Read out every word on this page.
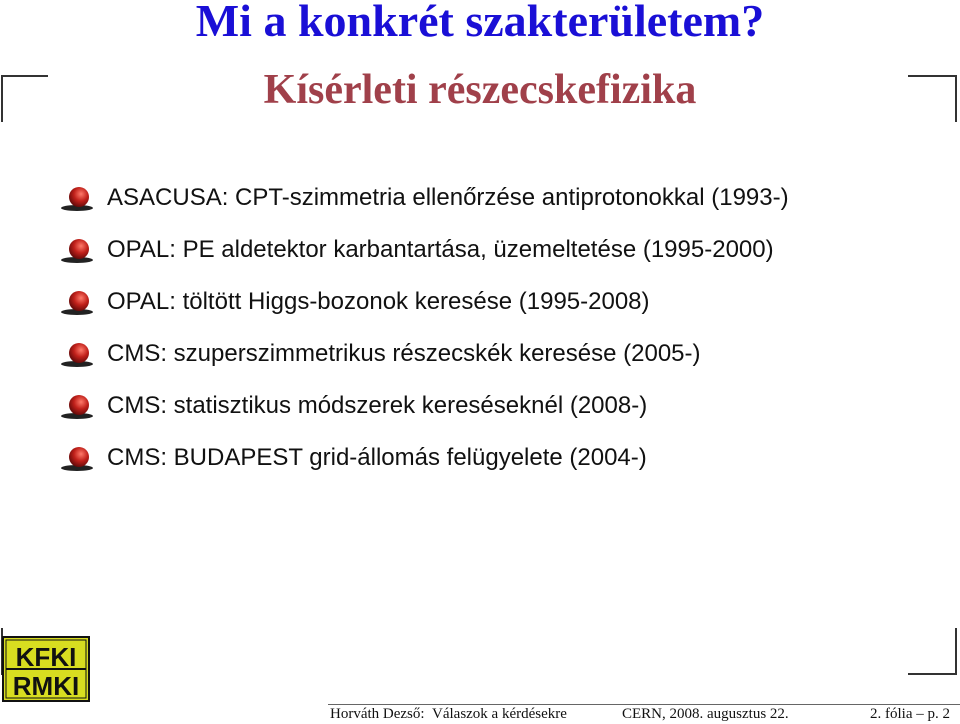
Mi a konkrét szakterületem?
Kísérleti részecskefizika
ASACUSA: CPT-szimmetria ellenőrzése antiprotonokkal (1993-)
OPAL: PE aldetektor karbantartása, üzemeltetése (1995-2000)
OPAL: töltött Higgs-bozonok keresése (1995-2008)
CMS: szuperszimmetrikus részecskék keresése (2005-)
CMS: statisztikus módszerek kereséseknél (2008-)
CMS: BUDAPEST grid-állomás felügyelete (2004-)
KFKI
RMKI
Horváth Dezső: Válaszok a kérdésekre	CERN, 2008. augusztus 22.	2. fólia – p. 2
